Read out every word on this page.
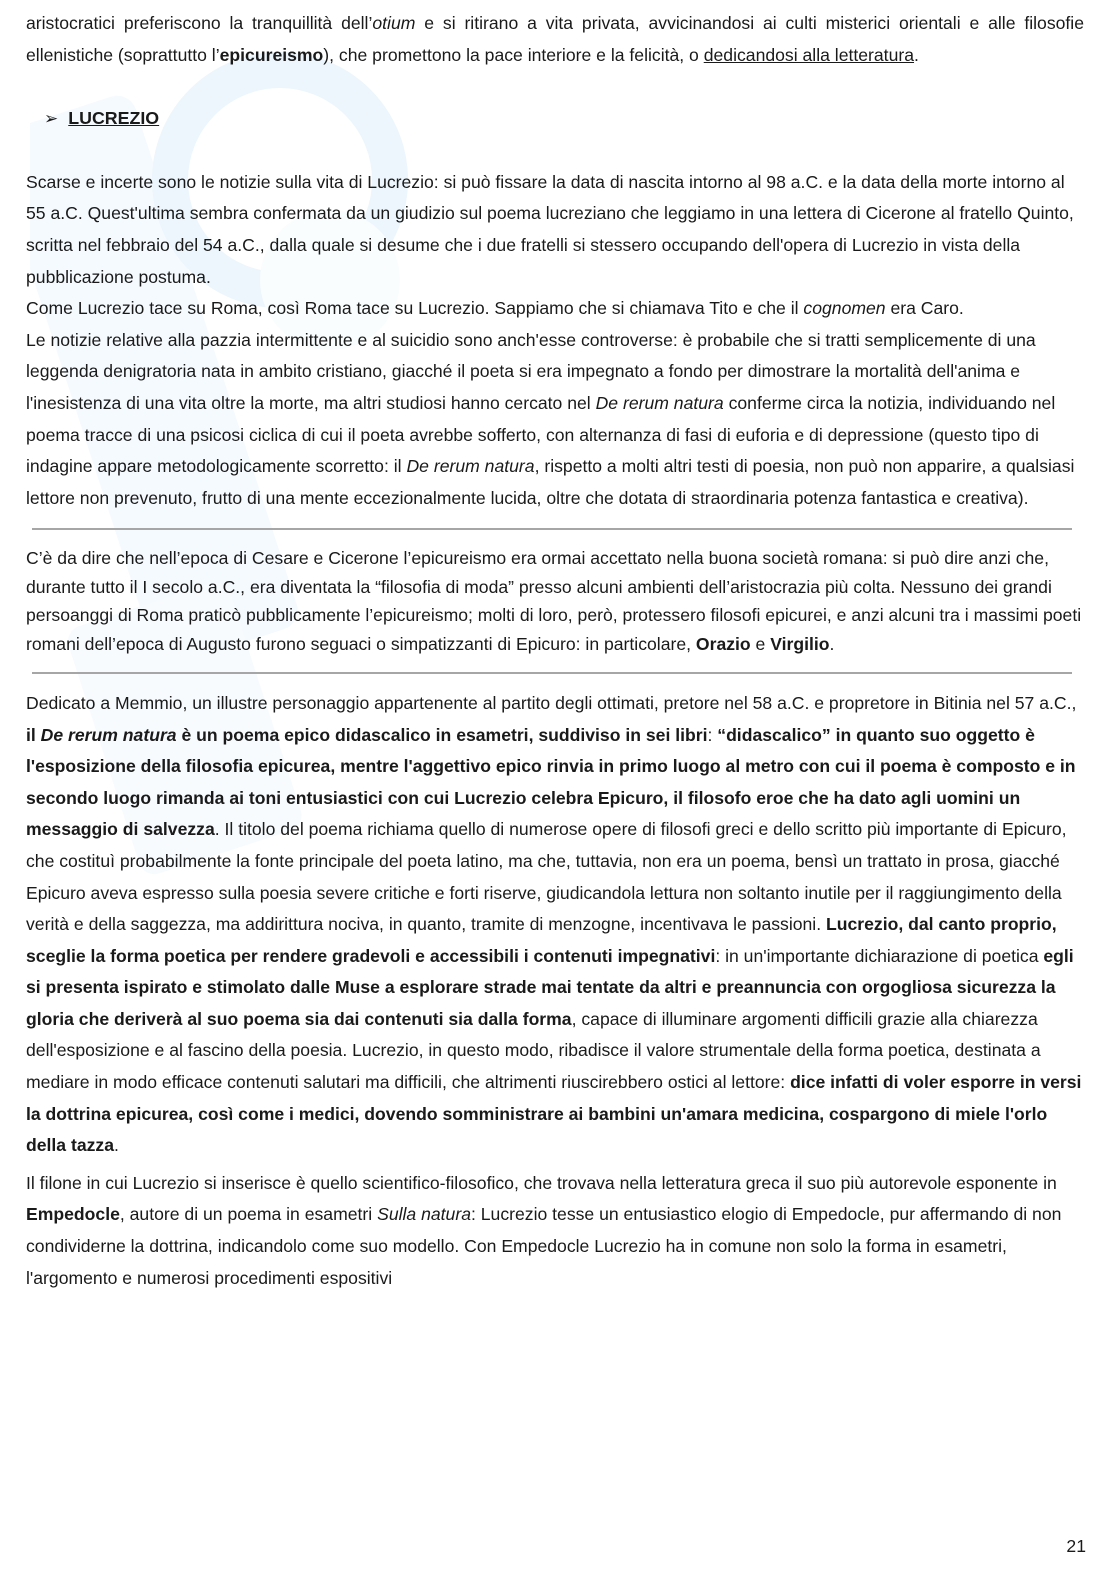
aristocratici preferiscono la tranquillità dell’otium e si ritirano a vita privata, avvicinandosi ai culti misterici orientali e alle filosofie ellenistiche (soprattutto l’epicureismo), che promettono la pace interiore e la felicità, o dedicandosi alla letteratura.

➢ LUCREZIO

Scarse e incerte sono le notizie sulla vita di Lucrezio: si può fissare la data di nascita intorno al 98 a.C. e la data della morte intorno al 55 a.C. Quest'ultima sembra confermata da un giudizio sul poema lucreziano che leggiamo in una lettera di Cicerone al fratello Quinto, scritta nel febbraio del 54 a.C., dalla quale si desume che i due fratelli si stessero occupando dell'opera di Lucrezio in vista della pubblicazione postuma.

Come Lucrezio tace su Roma, così Roma tace su Lucrezio. Sappiamo che si chiamava Tito e che il cognomen era Caro.

Le notizie relative alla pazzia intermittente e al suicidio sono anch'esse controverse: è probabile che si tratti semplicemente di una leggenda denigratoria nata in ambito cristiano, giacché il poeta si era impegnato a fondo per dimostrare la mortalità dell'anima e l'inesistenza di una vita oltre la morte, ma altri studiosi hanno cercato nel De rerum natura conferme circa la notizia, individuando nel poema tracce di una psicosi ciclica di cui il poeta avrebbe sofferto, con alternanza di fasi di euforia e di depressione (questo tipo di indagine appare metodologicamente scorretto: il De rerum natura, rispetto a molti altri testi di poesia, non può non apparire, a qualsiasi lettore non prevenuto, frutto di una mente eccezionalmente lucida, oltre che dotata di straordinaria potenza fantastica e creativa).

C’è da dire che nell’epoca di Cesare e Cicerone l’epicureismo era ormai accettato nella buona società romana: si può dire anzi che, durante tutto il I secolo a.C., era diventata la “filosofia di moda” presso alcuni ambienti dell’aristocrazia più colta. Nessuno dei grandi persoanggi di Roma praticò pubblicamente l’epicureismo; molti di loro, però, protessero filosofi epicurei, e anzi alcuni tra i massimi poeti romani dell’epoca di Augusto furono seguaci o simpatizzanti di Epicuro: in particolare, Orazio e Virgilio.

Dedicato a Memmio, un illustre personaggio appartenente al partito degli ottimati, pretore nel 58 a.C. e propretore in Bitinia nel 57 a.C., il De rerum natura è un poema epico didascalico in esametri, suddiviso in sei libri: “didascalico” in quanto suo oggetto è l'esposizione della filosofia epicurea, mentre l'aggettivo epico rinvia in primo luogo al metro con cui il poema è composto e in secondo luogo rimanda ai toni entusiastici con cui Lucrezio celebra Epicuro, il filosofo eroe che ha dato agli uomini un messaggio di salvezza. Il titolo del poema richiama quello di numerose opere di filosofi greci e dello scritto più importante di Epicuro, che costituì probabilmente la fonte principale del poeta latino, ma che, tuttavia, non era un poema, bensì un trattato in prosa, giacché Epicuro aveva espresso sulla poesia severe critiche e forti riserve, giudicandola lettura non soltanto inutile per il raggiungimento della verità e della saggezza, ma addirittura nociva, in quanto, tramite di menzogne, incentivava le passioni. Lucrezio, dal canto proprio, sceglie la forma poetica per rendere gradevoli e accessibili i contenuti impegnativi: in un'importante dichiarazione di poetica egli si presenta ispirato e stimolato dalle Muse a esplorare strade mai tentate da altri e preannuncia con orgogliosa sicurezza la gloria che deriverà al suo poema sia dai contenuti sia dalla forma, capace di illuminare argomenti difficili grazie alla chiarezza dell'esposizione e al fascino della poesia. Lucrezio, in questo modo, ribadisce il valore strumentale della forma poetica, destinata a mediare in modo efficace contenuti salutari ma difficili, che altrimenti riuscirebbero ostici al lettore: dice infatti di voler esporre in versi la dottrina epicurea, così come i medici, dovendo somministrare ai bambini un'amara medicina, cospargono di miele l'orlo della tazza.

Il filone in cui Lucrezio si inserisce è quello scientifico-filosofico, che trovava nella letteratura greca il suo più autorevole esponente in Empedocle, autore di un poema in esametri Sulla natura: Lucrezio tesse un entusiastico elogio di Empedocle, pur affermando di non condividerne la dottrina, indicandolo come suo modello. Con Empedocle Lucrezio ha in comune non solo la forma in esametri, l'argomento e numerosi procedimenti espositivi

21
